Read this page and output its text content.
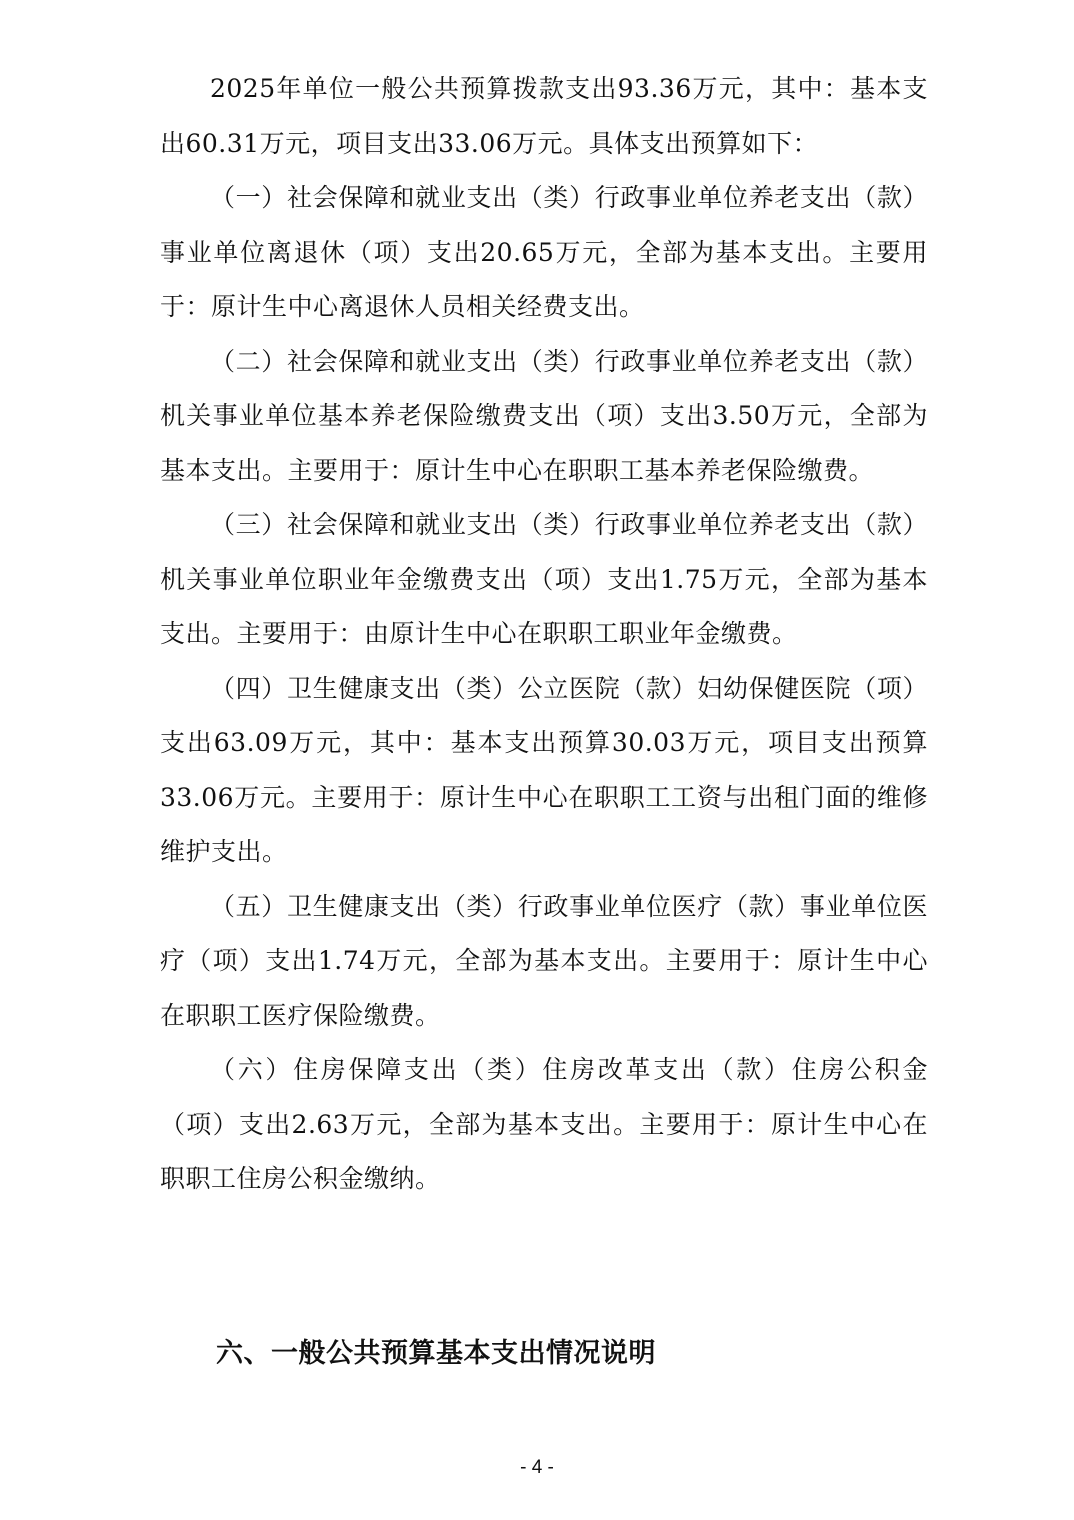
2025年单位一般公共预算拨款支出93.36万元，其中：基本支出60.31万元，项目支出33.06万元。具体支出预算如下：

（一）社会保障和就业支出（类）行政事业单位养老支出（款）事业单位离退休（项）支出20.65万元，全部为基本支出。主要用于：原计生中心离退休人员相关经费支出。

（二）社会保障和就业支出（类）行政事业单位养老支出（款）机关事业单位基本养老保险缴费支出（项）支出3.50万元，全部为基本支出。主要用于：原计生中心在职职工基本养老保险缴费。

（三）社会保障和就业支出（类）行政事业单位养老支出（款）机关事业单位职业年金缴费支出（项）支出1.75万元，全部为基本支出。主要用于：由原计生中心在职职工职业年金缴费。

（四）卫生健康支出（类）公立医院（款）妇幼保健医院（项）支出63.09万元，其中：基本支出预算30.03万元，项目支出预算33.06万元。主要用于：原计生中心在职职工工资与出租门面的维修维护支出。

（五）卫生健康支出（类）行政事业单位医疗（款）事业单位医疗（项）支出1.74万元，全部为基本支出。主要用于：原计生中心在职职工医疗保险缴费。

（六）住房保障支出（类）住房改革支出（款）住房公积金（项）支出2.63万元，全部为基本支出。主要用于：原计生中心在职职工住房公积金缴纳。

六、一般公共预算基本支出情况说明
- 4 -
